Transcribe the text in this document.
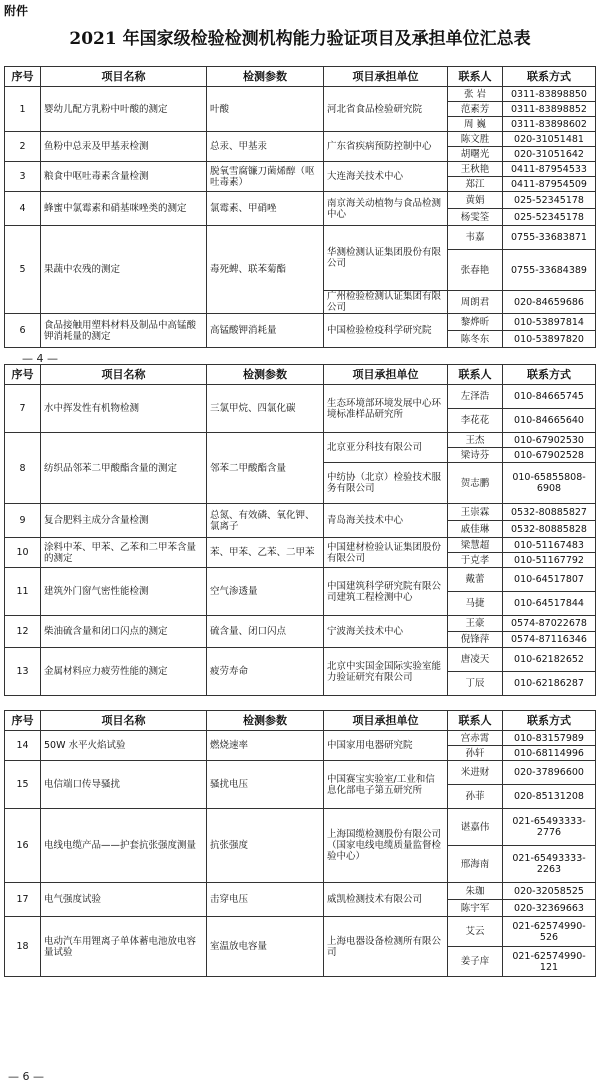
附件
2021 年国家级检验检测机构能力验证项目及承担单位汇总表
序号	项目名称	检测参数	项目承担单位	联系人	联系方式
1	婴幼儿配方乳粉中叶酸的测定	叶酸	河北省食品检验研究院	张 岩	0311-83898850
				范素芳	0311-83898852
				周 巍	0311-83898602
2	鱼粉中总汞及甲基汞检测	总汞、甲基汞	广东省疾病预防控制中心	陈文胜	020-31051481
				胡曙光	020-31051642
3	粮食中呕吐毒素含量检测	脱氧雪腐镰刀菌烯醇（呕吐毒素）	大连海关技术中心	王秋艳	0411-87954533
				郑江	0411-87954509
4	蜂蜜中氯霉素和硝基咪唑类的测定	氯霉素、甲硝唑	南京海关动植物与食品检测中心	黄娟	025-52345178
				杨雯筌	025-52345178
5	果蔬中农残的测定	毒死蜱、联苯菊酯	华测检测认证集团股份有限公司	韦嘉	0755-33683871
				张春艳	0755-33684389
			广州检验检测认证集团有限公司	周朗君	020-84659686
6	食品接触用塑料材料及制品中高锰酸钾消耗量的测定	高锰酸钾消耗量	中国检验检疫科学研究院	黎烨昕	010-53897814
				陈冬东	010-53897820
— 4 —
序号	项目名称	检测参数	项目承担单位	联系人	联系方式
7	水中挥发性有机物检测	三氯甲烷、四氯化碳	生态环境部环境发展中心环境标准样品研究所	左泽浩	010-84665745
				李花花	010-84665640
8	纺织品邻苯二甲酸酯含量的测定	邻苯二甲酸酯含量	北京亚分科技有限公司	王杰	010-67902530
				梁诗芬	010-67902528
			中纺协（北京）检验技术服务有限公司	贺志鹏	010-65855808-6908
9	复合肥料主成分含量检测	总氮、有效磷、氧化钾、氯离子	青岛海关技术中心	王崇霖	0532-80885827
				戚佳琳	0532-80885828
10	涂料中苯、甲苯、乙苯和二甲苯含量的测定	苯、甲苯、乙苯、二甲苯	中国建材检验认证集团股份有限公司	梁慧超	010-51167483
				于克孝	010-51167792
11	建筑外门窗气密性能检测	空气渗透量	中国建筑科学研究院有限公司建筑工程检测中心	戴蕾	010-64517807
				马捷	010-64517844
12	柴油硫含量和闭口闪点的测定	硫含量、闭口闪点	宁波海关技术中心	王豪	0574-87022678
				倪锋萍	0574-87116346
13	金属材料应力疲劳性能的测定	疲劳寿命	北京中实国金国际实验室能力验证研究有限公司	唐凌天	010-62182652
				丁辰	010-62186287
序号	项目名称	检测参数	项目承担单位	联系人	联系方式
14	50W 水平火焰试验	燃烧速率	中国家用电器研究院	宫赤霄	010-83157989
				孙轩	010-68114996
15	电信端口传导骚扰	骚扰电压	中国赛宝实验室/工业和信息化部电子第五研究所	米进财	020-37896600
				孙菲	020-85131208
16	电线电缆产品——护套抗张强度测量	抗张强度	上海国缆检测股份有限公司（国家电线电缆质量监督检验中心）	谌嘉伟	021-65493333-2776
				邢海南	021-65493333-2263
17	电气强度试验	击穿电压	威凯检测技术有限公司	朱珈	020-32058525
				陈宇军	020-32369663
18	电动汽车用锂离子单体蓄电池放电容量试验	室温放电容量	上海电器设备检测所有限公司	艾云	021-62574990-526
				姜子庠	021-62574990-121
— 6 —
